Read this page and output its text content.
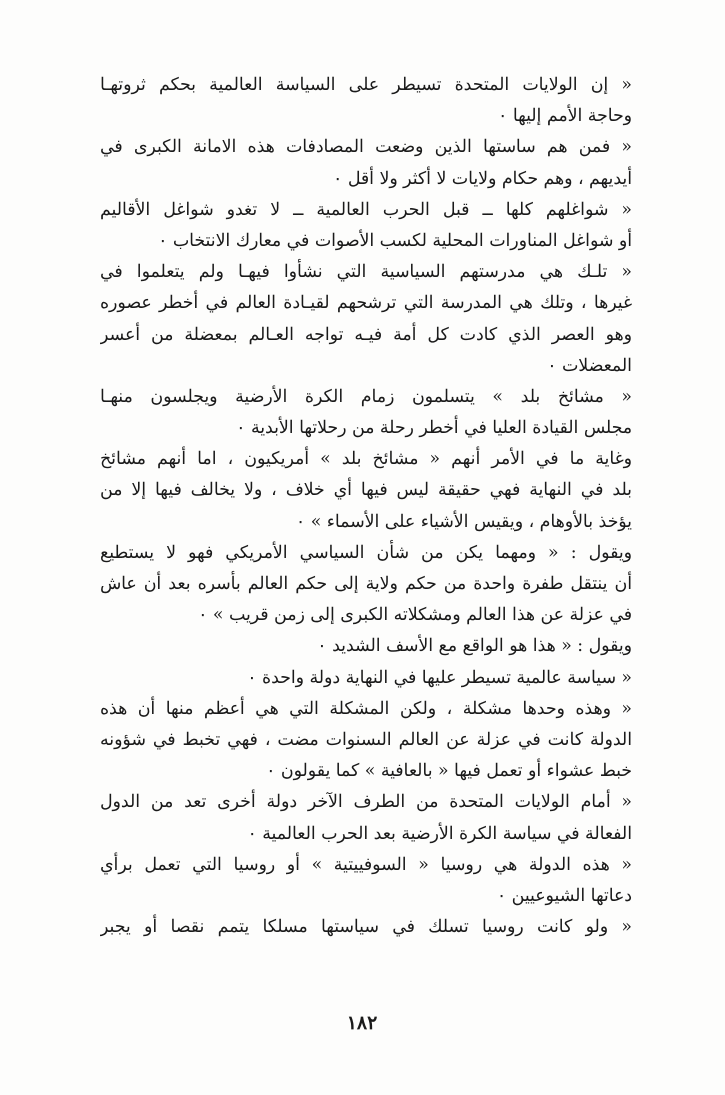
« إن الولايات المتحدة تسيطر على السياسة العالمية بحكم ثروتهـا
وحاجة الأمم إليها ٠
« فمن هم ساستها الذين وضعت المصادفات هذه الامانة الكبرى في
أيديهم ، وهم حكام ولايات لا أكثر ولا أقل ٠
« شواغلهم كلها ــ قبل الحرب العالمية ــ لا تغدو شواغل الأقاليم
أو شواغل المناورات المحلية لكسب الأصوات في معارك الانتخاب ٠
« تلـك هي مدرستهم السياسية التي نشأوا فيهـا ولم يتعلموا في
غيرها ، وتلك هي المدرسة التي ترشحهم لقيـادة العالم في أخطر عصوره
وهو العصر الذي كادت كل أمة فيـه تواجه العـالم بمعضلة من أعسر
المعضلات ٠
« مشائخ بلد » يتسلمون زمام الكرة الأرضية ويجلسون منهـا
مجلس القيادة العليا في أخطر رحلة من رحلاتها الأبدية ٠
وغاية ما في الأمر أنهم « مشائخ بلد » أمريكيون ، اما أنهم مشائخ
بلد في النهاية فهي حقيقة ليس فيها أي خلاف ، ولا يخالف فيها إلا من
يؤخذ بالأوهام ، ويقيس الأشياء على الأسماء » ٠
ويقول : « ومهما يكن من شأن السياسي الأمريكي فهو لا يستطيع
أن ينتقل طفرة واحدة من حكم ولاية إلى حكم العالم بأسره بعد أن عاش
في عزلة عن هذا العالم ومشكلاته الكبرى إلى زمن قريب » ٠
ويقول : « هذا هو الواقع مع الأسف الشديد ٠
« سياسة عالمية تسيطر عليها في النهاية دولة واحدة ٠
« وهذه وحدها مشكلة ، ولكن المشكلة التي هي أعظم منها أن هذه
الدولة كانت في عزلة عن العالم الىسنوات مضت ، فهي تخبط في شؤونه
خبط عشواء أو تعمل فيها « بالعافية » كما يقولون ٠
« أمام الولايات المتحدة من الطرف الآخر دولة أخرى تعد من الدول
الفعالة في سياسة الكرة الأرضية بعد الحرب العالمية ٠
« هذه الدولة هي روسيا « السوفييتية » أو روسيا التي تعمل برأي
دعاتها الشيوعيين ٠
« ولو كانت روسيا تسلك في سياستها مسلكا يتمم نقصا أو يجبر
١٨٢
